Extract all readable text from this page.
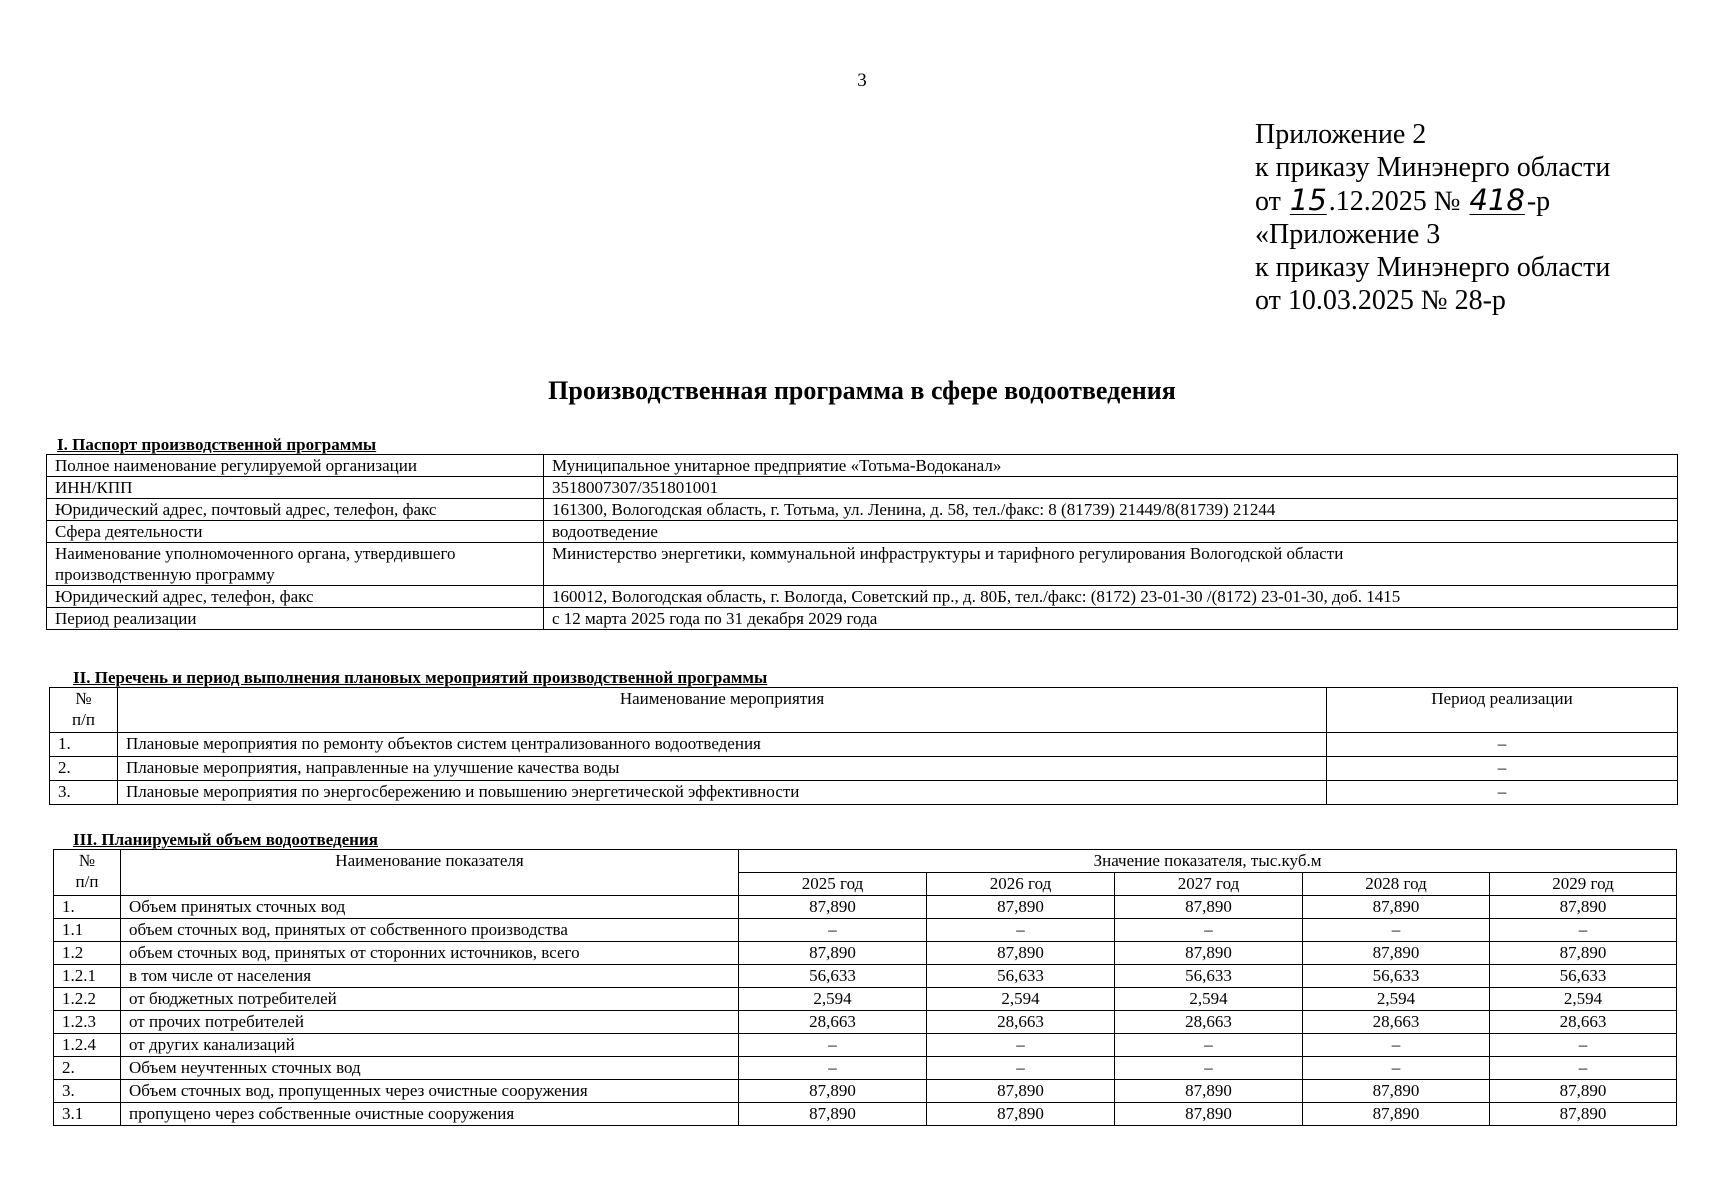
3
Приложение 2
к приказу Минэнерго области
от 15.12.2025 № 418-р
«Приложение 3
к приказу Минэнерго области
от 10.03.2025 № 28-р
Производственная программа в сфере водоотведения
I. Паспорт производственной программы
Полное наименование регулируемой организации	Муниципальное унитарное предприятие «Тотьма-Водоканал»
ИНН/КПП	3518007307/351801001
Юридический адрес, почтовый адрес, телефон, факс	161300, Вологодская область, г. Тотьма, ул. Ленина, д. 58, тел./факс: 8 (81739) 21449/8(81739) 21244
Сфера деятельности	водоотведение
Наименование уполномоченного органа, утвердившего производственную программу	Министерство энергетики, коммунальной инфраструктуры и тарифного регулирования Вологодской области
Юридический адрес, телефон, факс	160012, Вологодская область, г. Вологда, Советский пр., д. 80Б, тел./факс: (8172) 23-01-30 /(8172) 23-01-30, доб. 1415
Период реализации	с 12 марта 2025 года по 31 декабря 2029 года
II. Перечень и период выполнения плановых мероприятий производственной программы
№
п/п	Наименование мероприятия	Период реализации
1.	Плановые мероприятия по ремонту объектов систем централизованного водоотведения	–
2.	Плановые мероприятия, направленные на улучшение качества воды	–
3.	Плановые мероприятия по энергосбережению и повышению энергетической эффективности	–
III. Планируемый объем водоотведения
№
п/п	Наименование показателя	Значение показателя, тыс.куб.м				
		2025 год	2026 год	2027 год	2028 год	2029 год
1.	Объем принятых сточных вод	87,890	87,890	87,890	87,890	87,890
1.1	объем сточных вод, принятых от собственного производства	–	–	–	–	–
1.2	объем сточных вод, принятых от сторонних источников, всего	87,890	87,890	87,890	87,890	87,890
1.2.1	в том числе от населения	56,633	56,633	56,633	56,633	56,633
1.2.2	от бюджетных потребителей	2,594	2,594	2,594	2,594	2,594
1.2.3	от прочих потребителей	28,663	28,663	28,663	28,663	28,663
1.2.4	от других канализаций	–	–	–	–	–
2.	Объем неучтенных сточных вод	–	–	–	–	–
3.	Объем сточных вод, пропущенных через очистные сооружения	87,890	87,890	87,890	87,890	87,890
3.1	пропущено через собственные очистные сооружения	87,890	87,890	87,890	87,890	87,890
